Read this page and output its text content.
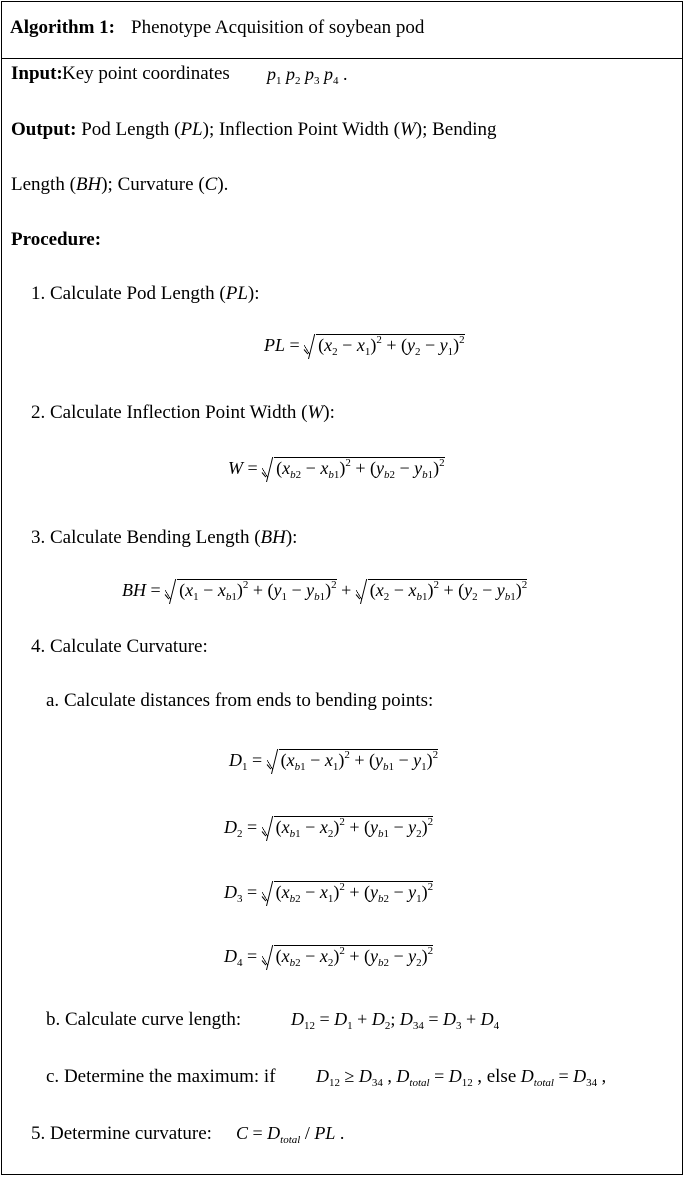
Algorithm 1: Phenotype Acquisition of soybean pod
Input: Key point coordinates $p_1$ $p_2$ $p_3$ $p_4$ .
Output: Pod Length (PL); Inflection Point Width (W); Bending
Length (BH); Curvature (C).
Procedure:
1. Calculate Pod Length (PL):
PL =
$(x_2 - x_1)^2 + (y_2 - y_1)^2$
2. Calculate Inflection Point Width (W):
W =
$(x_{b2} - x_{b1})^2 + (y_{b2} - y_{b1})^2$
3. Calculate Bending Length (BH):
BH =
$(x_1 - x_{b1})^2 + (y_1 - y_{b1})^2$ +
$(x_2 - x_{b1})^2 + (y_2 - y_{b1})^2$
4. Calculate Curvature:
a. Calculate distances from ends to bending points:
$D_1$ =
$(x_{b1} - x_1)^2 + (y_{b1} - y_1)^2$
$D_2$ =
$(x_{b1} - x_2)^2 + (y_{b1} - y_2)^2$
$D_3$ =
$(x_{b2} - x_1)^2 + (y_{b2} - y_1)^2$
$D_4$ =
$(x_{b2} - x_2)^2 + (y_{b2} - y_2)^2$
b. Calculate curve length:	$D_{12} = D_1 + D_2$; $D_{34} = D_3 + D_4$
c. Determine the maximum: if $D_{12} \ge D_{34}$ , $D_{total} = D_{12}$ , else $D_{total} = D_{34}$ ,
5. Determine curvature: $C = D_{total}$ / PL .
